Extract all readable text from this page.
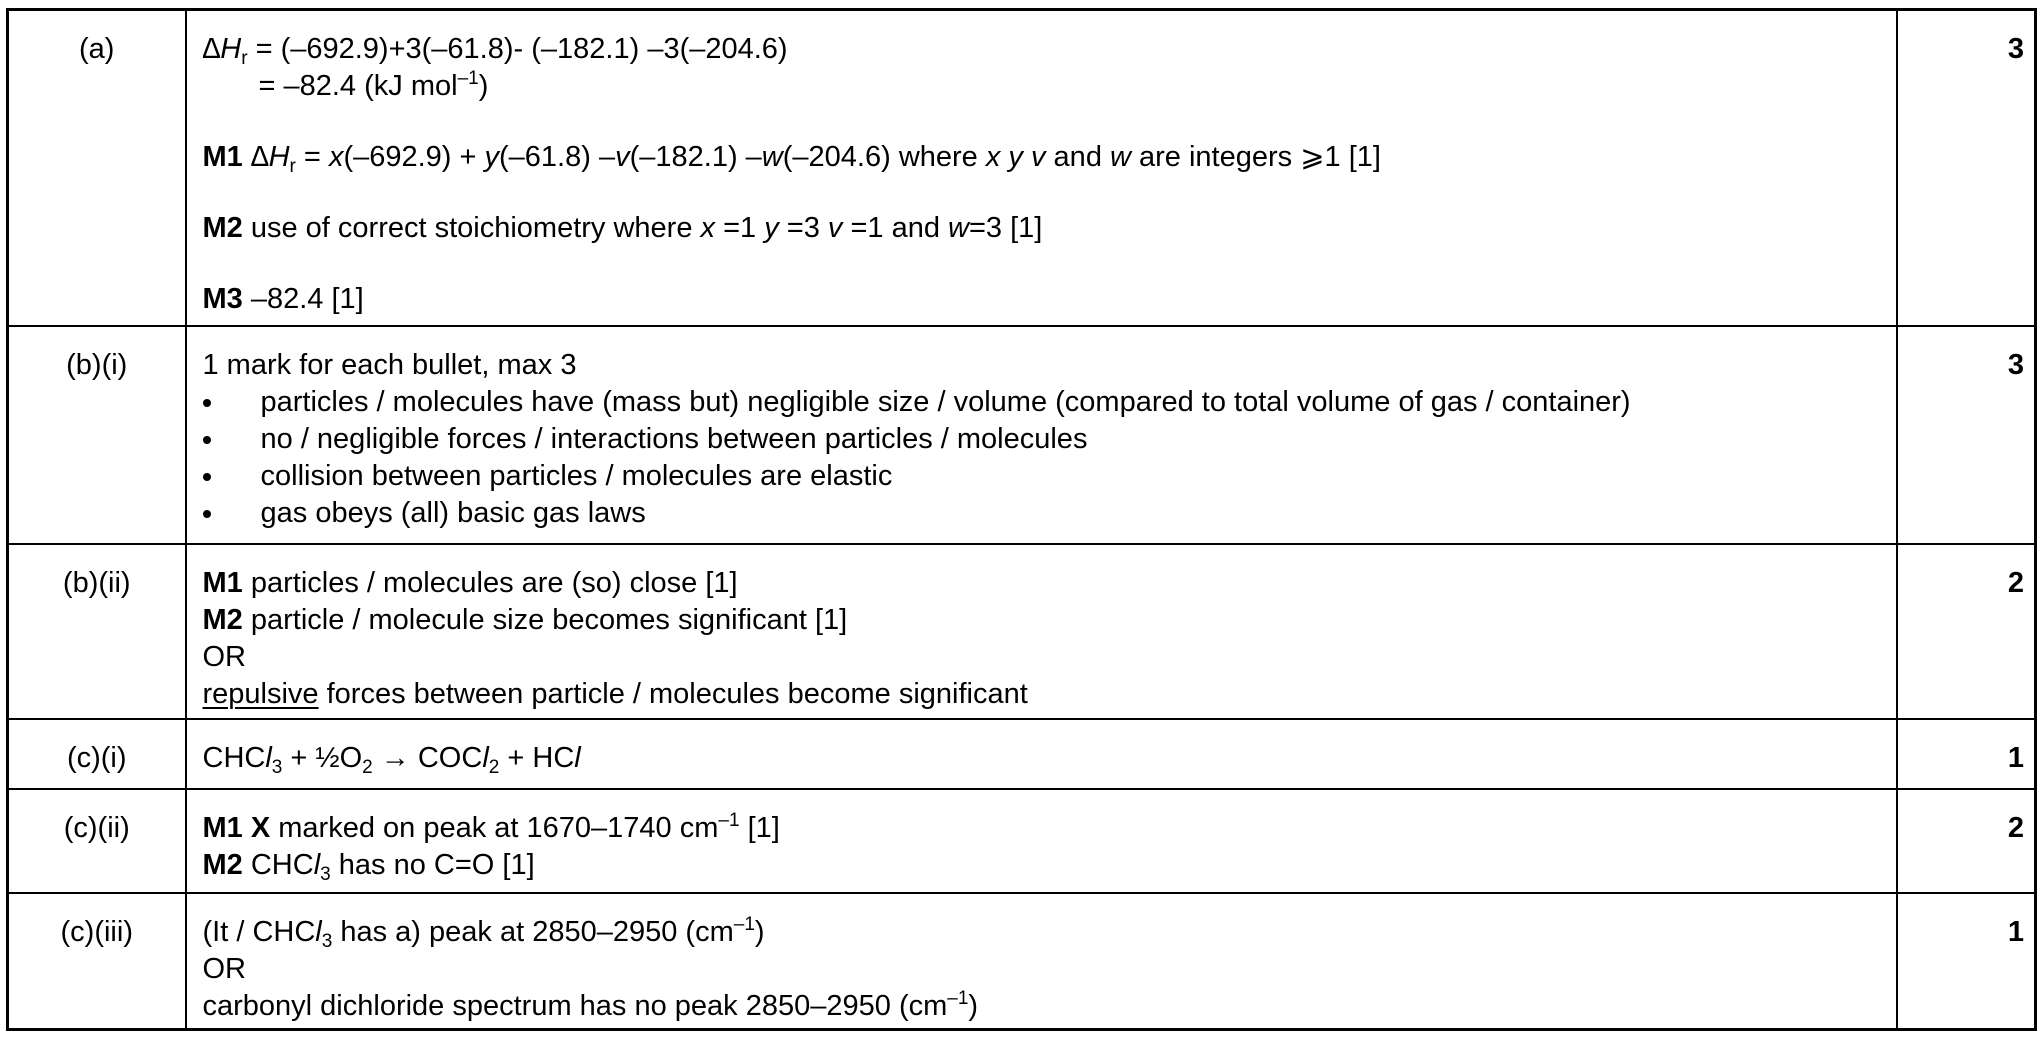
(a)	$\Delta H_r = (-692.9)+3(-61.8)-$ (–182.1) –3(–204.6)
= –82.4 (kJ mol$^{-1}$)
M1 $\Delta H_r = x(-692.9) + y(-61.8)$ –v(–182.1) –w(–204.6) where x y v and w are integers ⩾1 [1]
M2 use of correct stoichiometry where x =1 y =3 v =1 and w=3 [1]
M3 –82.4 [1]	3
(b)(i)	1 mark for each bullet, max 3
particles / molecules have (mass but) negligible size / volume (compared to total volume of gas / container)
no / negligible forces / interactions between particles / molecules
collision between particles / molecules are elastic
gas obeys (all) basic gas laws	3
(b)(ii)	M1 particles / molecules are (so) close [1]
M2 particle / molecule size becomes significant [1]
OR
repulsive forces between particle / molecules become significant	2
(c)(i)	CHCl$_3$ + $\frac{1}{2}O_2$ → COCl$_2$ + HCl	1
(c)(ii)	M1 X marked on peak at 1670–1740 $cm^{-1}$ [1]
M2 CHCl$_3$ has no C=O [1]	2
(c)(iii)	(It / CHCl$_3$ has a) peak at 2850–2950 $(cm^{-1})$
OR
carbonyl dichloride spectrum has no peak 2850–2950 $(cm^{-1})$	1
